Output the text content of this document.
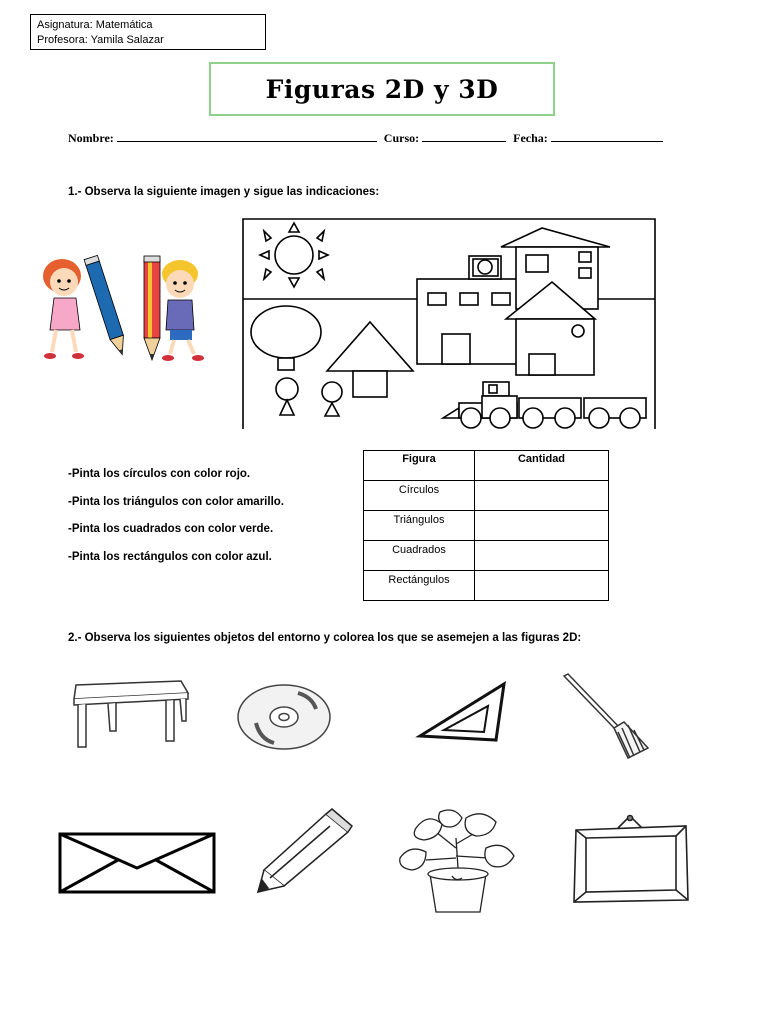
Asignatura: Matemática
Profesora: Yamila Salazar
Figuras 2D y 3D
Nombre:	Curso:	Fecha:
1.- Observa la siguiente imagen y sigue las indicaciones:
-Pinta los círculos con color rojo.
-Pinta los triángulos con color amarillo.
-Pinta los cuadrados con color verde.
-Pinta los rectángulos con color azul.
Figura	Cantidad
Círculos	
Triángulos	
Cuadrados	
Rectángulos	
2.- Observa los siguientes objetos del entorno y colorea los que se asemejen a las figuras 2D:
